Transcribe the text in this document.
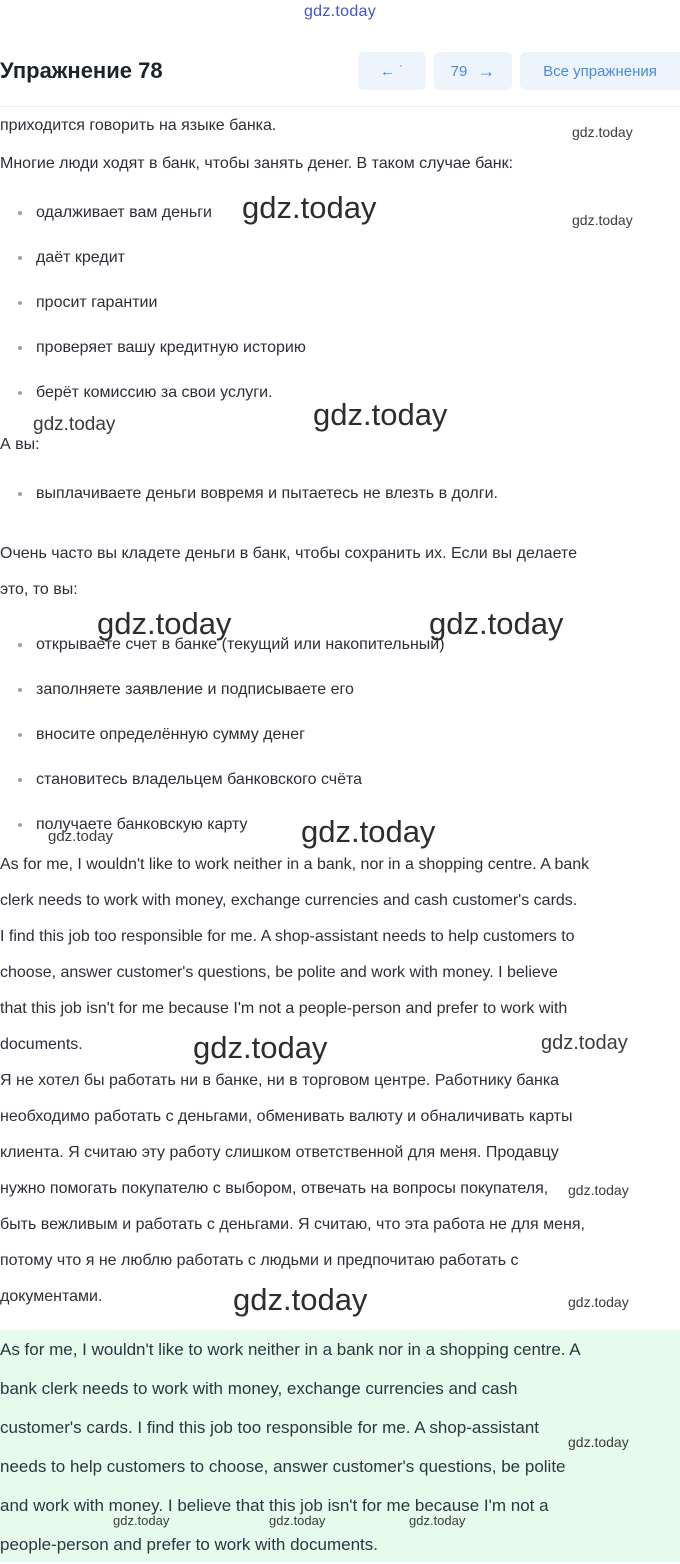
gdz.today
Упражнение 78	← ˙	79 →	Все упражнения

приходится говорить на языке банка.

Многие люди ходят в банк, чтобы занять денег. В таком случае банк:

одалживает вам деньги
даёт кредит
просит гарантии
проверяет вашу кредитную историю
берёт комиссию за свои услуги.

А вы:

выплачиваете деньги вовремя и пытаетесь не влезть в долги.

Очень часто вы кладете деньги в банк, чтобы сохранить их. Если вы делаете

это, то вы:

открываете счет в банке (текущий или накопительный)
заполняете заявление и подписываете его
вносите определённую сумму денег
становитесь владельцем банковского счёта
получаете банковскую карту

As for me, I wouldn't like to work neither in a bank, nor in a shopping centre. A bank

clerk needs to work with money, exchange currencies and cash customer's cards.

I find this job too responsible for me. A shop-assistant needs to help customers to

choose, answer customer's questions, be polite and work with money. I believe

that this job isn't for me because I'm not a people-person and prefer to work with

documents.

Я не хотел бы работать ни в банке, ни в торговом центре. Работнику банка

необходимо работать с деньгами, обменивать валюту и обналичивать карты

клиента. Я считаю эту работу слишком ответственной для меня. Продавцу

нужно помогать покупателю с выбором, отвечать на вопросы покупателя,

быть вежливым и работать с деньгами. Я считаю, что эта работа не для меня,

потому что я не люблю работать с людьми и предпочитаю работать с

документами.

As for me, I wouldn't like to work neither in a bank nor in a shopping centre. A
bank clerk needs to work with money, exchange currencies and cash
customer's cards. I find this job too responsible for me. A shop-assistant
needs to help customers to choose, answer customer's questions, be polite
and work with money. I believe that this job isn't for me because I'm not a
people-person and prefer to work with documents.
gdz.today
gdz.today	gdz.today
gdz.today
gdz.today
gdz.today	gdz.today
gdz.today	gdz.today
gdz.today	gdz.today
gdz.today
gdz.today	gdz.today
gdz.today
gdz.today	gdz.today	gdz.today
